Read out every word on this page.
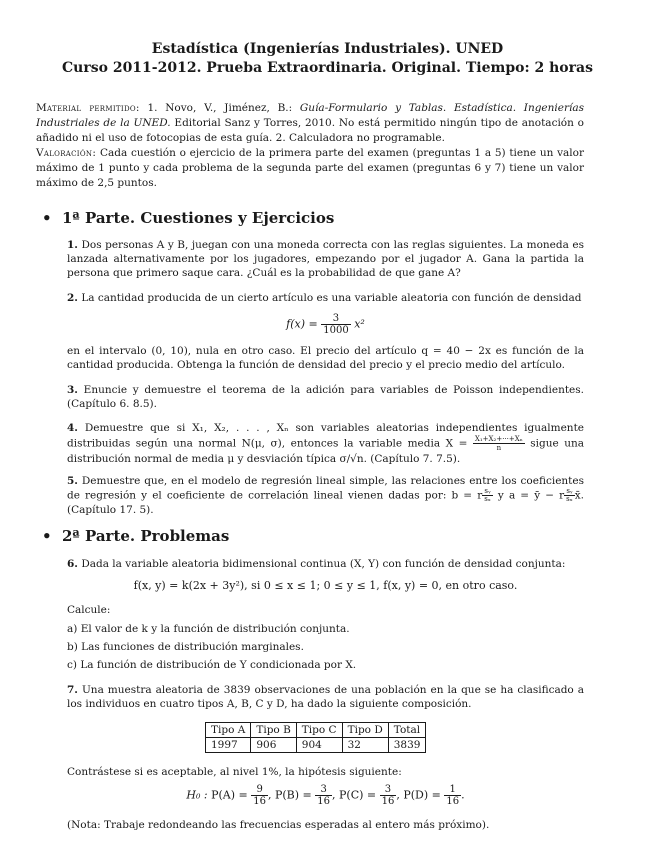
Estadística (Ingenierías Industriales). UNED
Curso 2011-2012. Prueba Extraordinaria. Original. Tiempo: 2 horas
Material permitido: 1. Novo, V., Jiménez, B.: Guía-Formulario y Tablas. Estadística. Ingenierías Industriales de la UNED. Editorial Sanz y Torres, 2010. No está permitido ningún tipo de anotación o añadido ni el uso de fotocopias de esta guía. 2. Calculadora no programable.
Valoración: Cada cuestión o ejercicio de la primera parte del examen (preguntas 1 a 5) tiene un valor máximo de 1 punto y cada problema de la segunda parte del examen (preguntas 6 y 7) tiene un valor máximo de 2,5 puntos.
• 1ª Parte. Cuestiones y Ejercicios
1. Dos personas A y B, juegan con una moneda correcta con las reglas siguientes. La moneda es lanzada alternativamente por los jugadores, empezando por el jugador A. Gana la partida la persona que primero saque cara. ¿Cuál es la probabilidad de que gane A?
2. La cantidad producida de un cierto artículo es una variable aleatoria con función de densidad
$f(x) = \frac{3}{1000} x^2$
en el intervalo (0, 10), nula en otro caso. El precio del artículo q = 40 − 2x es función de la cantidad producida. Obtenga la función de densidad del precio y el precio medio del artículo.
3. Enuncie y demuestre el teorema de la adición para variables de Poisson independientes. (Capítulo 6. 8.5).
4. Demuestre que si X₁, X₂, . . . , Xₙ son variables aleatorias independientes igualmente distribuidas según una normal N(μ, σ), entonces la variable media $X = \frac{\text{X₁+X₂+···+Xₙ}}{n}$ sigue una distribución normal de media μ y desviación típica σ/√n. (Capítulo 7. 7.5).
5. Demuestre que, en el modelo de regresión lineal simple, las relaciones entre los coeficientes de regresión y el coeficiente de correlación lineal vienen dadas por: b = r $\frac{\text{sᵧ}}{\text{sₓ}}$ y a = ȳ − r $\frac{\text{sᵧ}}{\text{sₓ}}$ x̄. (Capítulo 17. 5).
• 2ª Parte. Problemas
6. Dada la variable aleatoria bidimensional continua (X, Y) con función de densidad conjunta:
f(x, y) = k(2x + 3y²), si 0 ≤ x ≤ 1; 0 ≤ y ≤ 1, f(x, y) = 0, en otro caso.
Calcule:
a) El valor de k y la función de distribución conjunta.
b) Las funciones de distribución marginales.
c) La función de distribución de Y condicionada por X.
7. Una muestra aleatoria de 3839 observaciones de una población en la que se ha clasificado a los individuos en cuatro tipos A, B, C y D, ha dado la siguiente composición.
Tipo A	Tipo B	Tipo C	Tipo D	Total
1997	906	904	32	3839
Contrástese si es aceptable, al nivel 1%, la hipótesis siguiente:
H₀ : $P(A) = \frac{9}{16}$ , $P(B) = \frac{3}{16}$ , $P(C) = \frac{3}{16}$ , $P(D) = \frac{1}{16}$ .
(Nota: Trabaje redondeando las frecuencias esperadas al entero más próximo).
